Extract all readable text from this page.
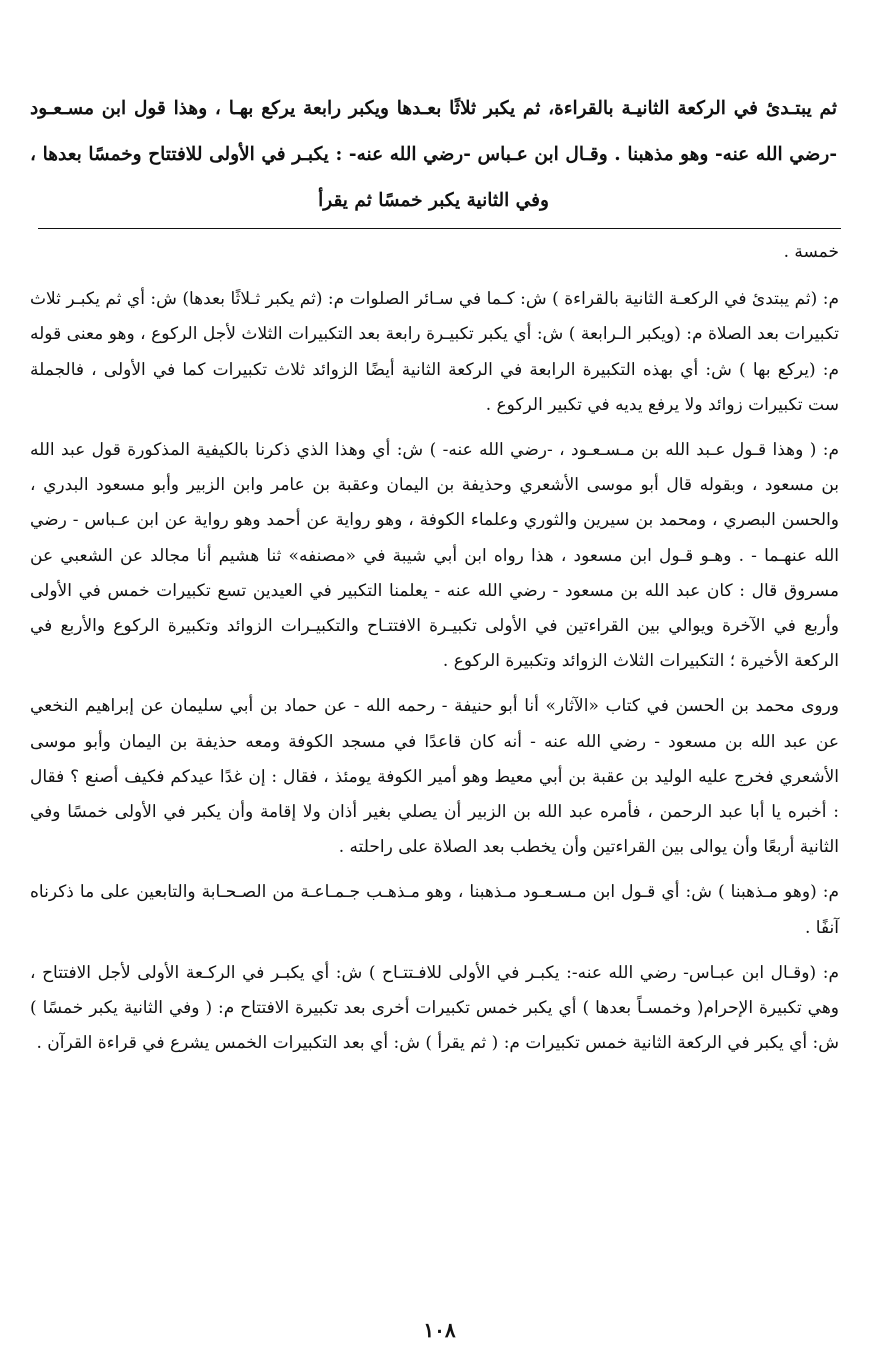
ثم يبتـدئ في الركعة الثانيـة بالقراءة، ثم يكبر ثلاثًا بعـدها ويكبر رابعة يركع بهـا ، وهذا قول ابن مسـعـود -رضي الله عنه- وهو مذهبنا . وقـال ابن عـباس -رضي الله عنه- : يكبـر في الأولى للافتتاح وخمسًا بعدها ، وفي الثانية يكبر خمسًا ثم يقرأ

خمسة .

م: (ثم يبتدئ في الركعـة الثانية بالقراءة ) ش: كـما في سـائر الصلوات م: (ثم يكبر ثـلاثًا بعدها) ش: أي ثم يكبـر ثلاث تكبيرات بعد الصلاة م: (ويكبر الـرابعة ) ش: أي يكبر تكبيـرة رابعة بعد التكبيرات الثلاث لأجل الركوع ، وهو معنى قوله م: (يركع بها ) ش: أي بهذه التكبيرة الرابعة في الركعة الثانية أيضًا الزوائد ثلاث تكبيرات كما في الأولى ، فالجملة ست تكبيرات زوائد ولا يرفع يديه في تكبير الركوع .

م: ( وهذا قـول عـبد الله بن مـسـعـود ، -رضي الله عنه- ) ش: أي وهذا الذي ذكرنا بالكيفية المذكورة قول عبد الله بن مسعود ، وبقوله قال أبو موسى الأشعري وحذيفة بن اليمان وعقبة بن عامر وابن الزبير وأبو مسعود البدري ، والحسن البصري ، ومحمد بن سيرين والثوري وعلماء الكوفة ، وهو رواية عن أحمد وهو رواية عن ابن عـباس - رضي الله عنهـما - . وهـو قـول ابن مسعود ، هذا رواه ابن أبي شيبة في «مصنفه» ثنا هشيم أنا مجالد عن الشعبي عن مسروق قال : كان عبد الله بن مسعود - رضي الله عنه - يعلمنا التكبير في العيدين تسع تكبيرات خمس في الأولى وأربع في الآخرة ويوالي بين القراءتين في الأولى تكبيـرة الافتتـاح والتكبيـرات الزوائد وتكبيرة الركوع والأربع في الركعة الأخيرة ؛ التكبيرات الثلاث الزوائد وتكبيرة الركوع .

وروى محمد بن الحسن في كتاب «الآثار» أنا أبو حنيفة - رحمه الله - عن حماد بن أبي سليمان عن إبراهيم النخعي عن عبد الله بن مسعود - رضي الله عنه - أنه كان قاعدًا في مسجد الكوفة ومعه حذيفة بن اليمان وأبو موسى الأشعري فخرج عليه الوليد بن عقبة بن أبي معيط وهو أمير الكوفة يومئذ ، فقال : إن غدًا عيدكم فكيف أصنع ؟ فقال : أخبره يا أبا عبد الرحمن ، فأمره عبد الله بن الزبير أن يصلي بغير أذان ولا إقامة وأن يكبر في الأولى خمسًا وفي الثانية أربعًا وأن يوالى بين القراءتين وأن يخطب بعد الصلاة على راحلته .

م: (وهو مـذهبنا ) ش: أي قـول ابن مـسـعـود مـذهبنا ، وهو مـذهـب جـمـاعـة من الصـحـابة والتابعين على ما ذكرناه آنفًا .

م: (وقـال ابن عبـاس- رضي الله عنه-: يكبـر في الأولى للافـتتـاح ) ش: أي يكبـر في الركـعة الأولى لأجل الافتتاح ، وهي تكبيرة الإحرام( وخمسـاً بعدها ) أي يكبر خمس تكبيرات أخرى بعد تكبيرة الافتتاح م: ( وفي الثانية يكبر خمسًا ) ش: أي يكبر في الركعة الثانية خمس تكبيرات م: ( ثم يقرأ ) ش: أي بعد التكبيرات الخمس يشرع في قراءة القرآن .

١٠٨
